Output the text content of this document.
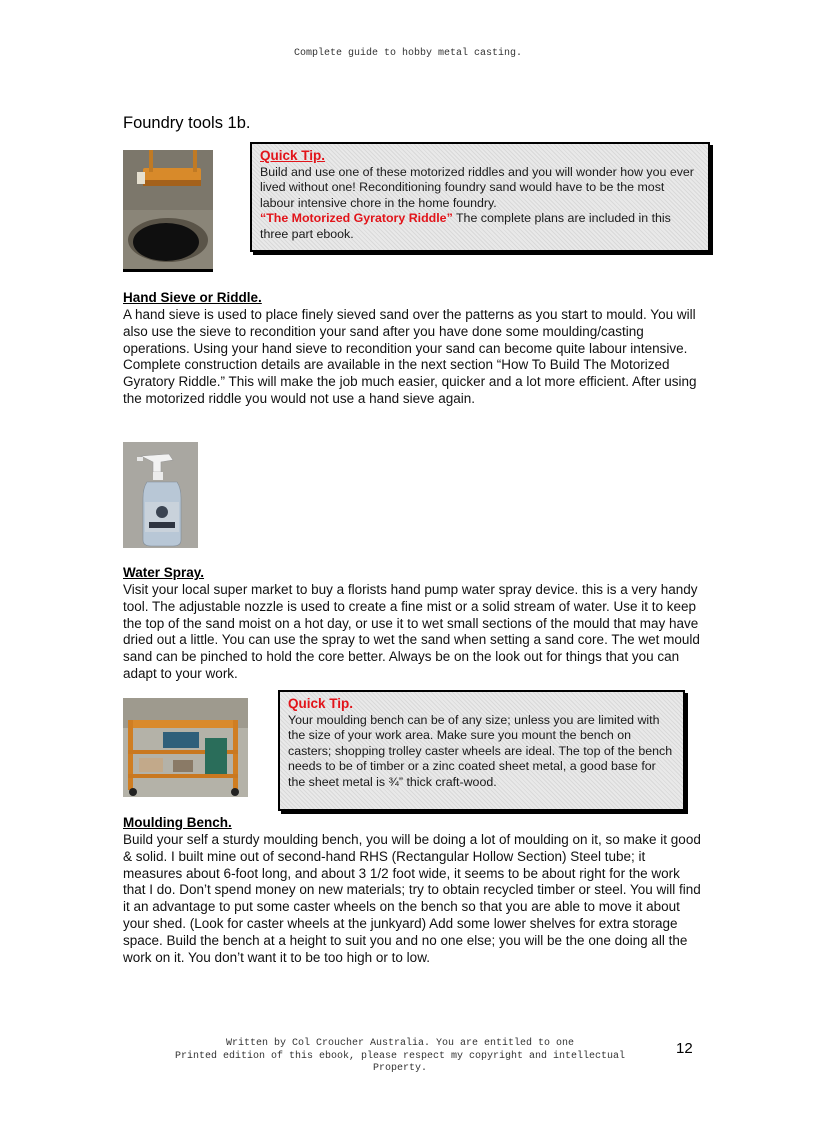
Complete guide to hobby metal casting.
Foundry tools 1b.
Quick Tip.
Build and use one of these motorized riddles and you will wonder how you ever lived without one! Reconditioning foundry sand would have to be the most labour intensive chore in the home foundry.
“The Motorized Gyratory Riddle” The complete plans are included in this three part ebook.
Hand Sieve or Riddle.

A hand sieve is used to place finely sieved sand over the patterns as you start to mould. You will also use the sieve to recondition your sand after you have done some moulding/casting operations. Using your hand sieve to recondition your sand can become quite labour intensive. Complete construction details are available in the next section “How To Build The Motorized Gyratory Riddle.” This will make the job much easier, quicker and a lot more efficient. After using the motorized riddle you would not use a hand sieve again.

Water Spray.

Visit your local super market to buy a florists hand pump water spray device. this is a very handy tool. The adjustable nozzle is used to create a fine mist or a solid stream of water. Use it to keep the top of the sand moist on a hot day, or use it to wet small sections of the mould that may have dried out a little. You can use the spray to wet the sand when setting a sand core. The wet mould sand can be pinched to hold the core better. Always be on the look out for things that you can adapt to your work.

Quick Tip.
Your moulding bench can be of any size; unless you are limited with the size of your work area. Make sure you mount the bench on casters; shopping trolley caster wheels are ideal. The top of the bench needs to be of timber or a zinc coated sheet metal, a good base for the sheet metal is ¾” thick craft-wood.
Moulding Bench.

Build your self a sturdy moulding bench, you will be doing a lot of moulding on it, so make it good & solid. I built mine out of second-hand RHS (Rectangular Hollow Section) Steel tube; it measures about 6-foot long, and about 3 1/2 foot wide, it seems to be about right for the work that I do. Don’t spend money on new materials; try to obtain recycled timber or steel. You will find it an advantage to put some caster wheels on the bench so that you are able to move it about your shed. (Look for caster wheels at the junkyard) Add some lower shelves for extra storage space. Build the bench at a height to suit you and no one else; you will be the one doing all the work on it. You don’t want it to be too high or to low.

Written by Col Croucher Australia. You are entitled to one
Printed edition of this ebook, please respect my copyright and intellectual
Property.
12
